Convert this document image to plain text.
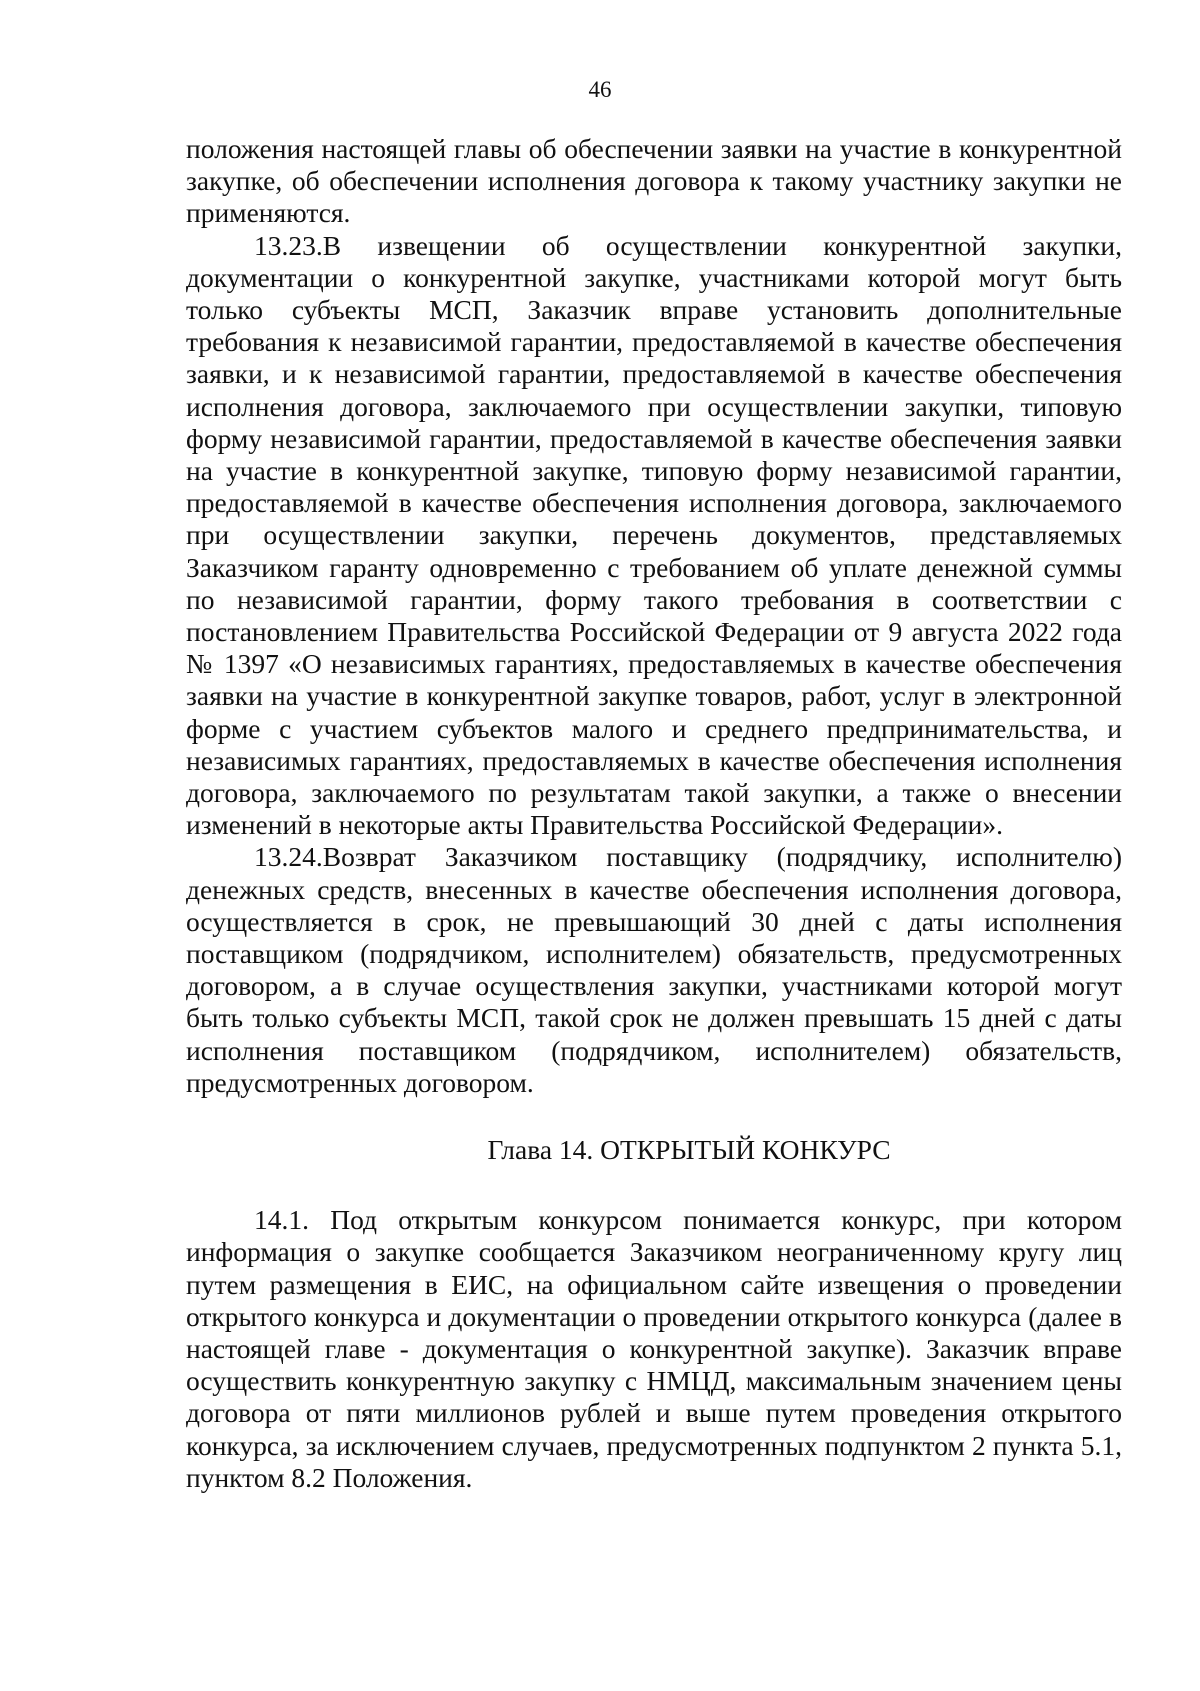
46

положения настоящей главы об обеспечении заявки на участие в конкурентной закупке, об обеспечении исполнения договора к такому участнику закупки не применяются.

13.23.В извещении об осуществлении конкурентной закупки, документации о конкурентной закупке, участниками которой могут быть только субъекты МСП, Заказчик вправе установить дополнительные требования к независимой гарантии, предоставляемой в качестве обеспечения заявки, и к независимой гарантии, предоставляемой в качестве обеспечения исполнения договора, заключаемого при осуществлении закупки, типовую форму независимой гарантии, предоставляемой в качестве обеспечения заявки на участие в конкурентной закупке, типовую форму независимой гарантии, предоставляемой в качестве обеспечения исполнения договора, заключаемого при осуществлении закупки, перечень документов, представляемых Заказчиком гаранту одновременно с требованием об уплате денежной суммы по независимой гарантии, форму такого требования в соответствии с постановлением Правительства Российской Федерации от 9 августа 2022 года № 1397 «О независимых гарантиях, предоставляемых в качестве обеспечения заявки на участие в конкурентной закупке товаров, работ, услуг в электронной форме с участием субъектов малого и среднего предпринимательства, и независимых гарантиях, предоставляемых в качестве обеспечения исполнения договора, заключаемого по результатам такой закупки, а также о внесении изменений в некоторые акты Правительства Российской Федерации».

13.24.Возврат Заказчиком поставщику (подрядчику, исполнителю) денежных средств, внесенных в качестве обеспечения исполнения договора, осуществляется в срок, не превышающий 30 дней с даты исполнения поставщиком (подрядчиком, исполнителем) обязательств, предусмотренных договором, а в случае осуществления закупки, участниками которой могут быть только субъекты МСП, такой срок не должен превышать 15 дней с даты исполнения поставщиком (подрядчиком, исполнителем) обязательств, предусмотренных договором.

Глава 14. ОТКРЫТЫЙ КОНКУРС

14.1. Под открытым конкурсом понимается конкурс, при котором информация о закупке сообщается Заказчиком неограниченному кругу лиц путем размещения в ЕИС, на официальном сайте извещения о проведении открытого конкурса и документации о проведении открытого конкурса (далее в настоящей главе - документация о конкурентной закупке). Заказчик вправе осуществить конкурентную закупку с НМЦД, максимальным значением цены договора от пяти миллионов рублей и выше путем проведения открытого конкурса, за исключением случаев, предусмотренных подпунктом 2 пункта 5.1, пунктом 8.2 Положения.
